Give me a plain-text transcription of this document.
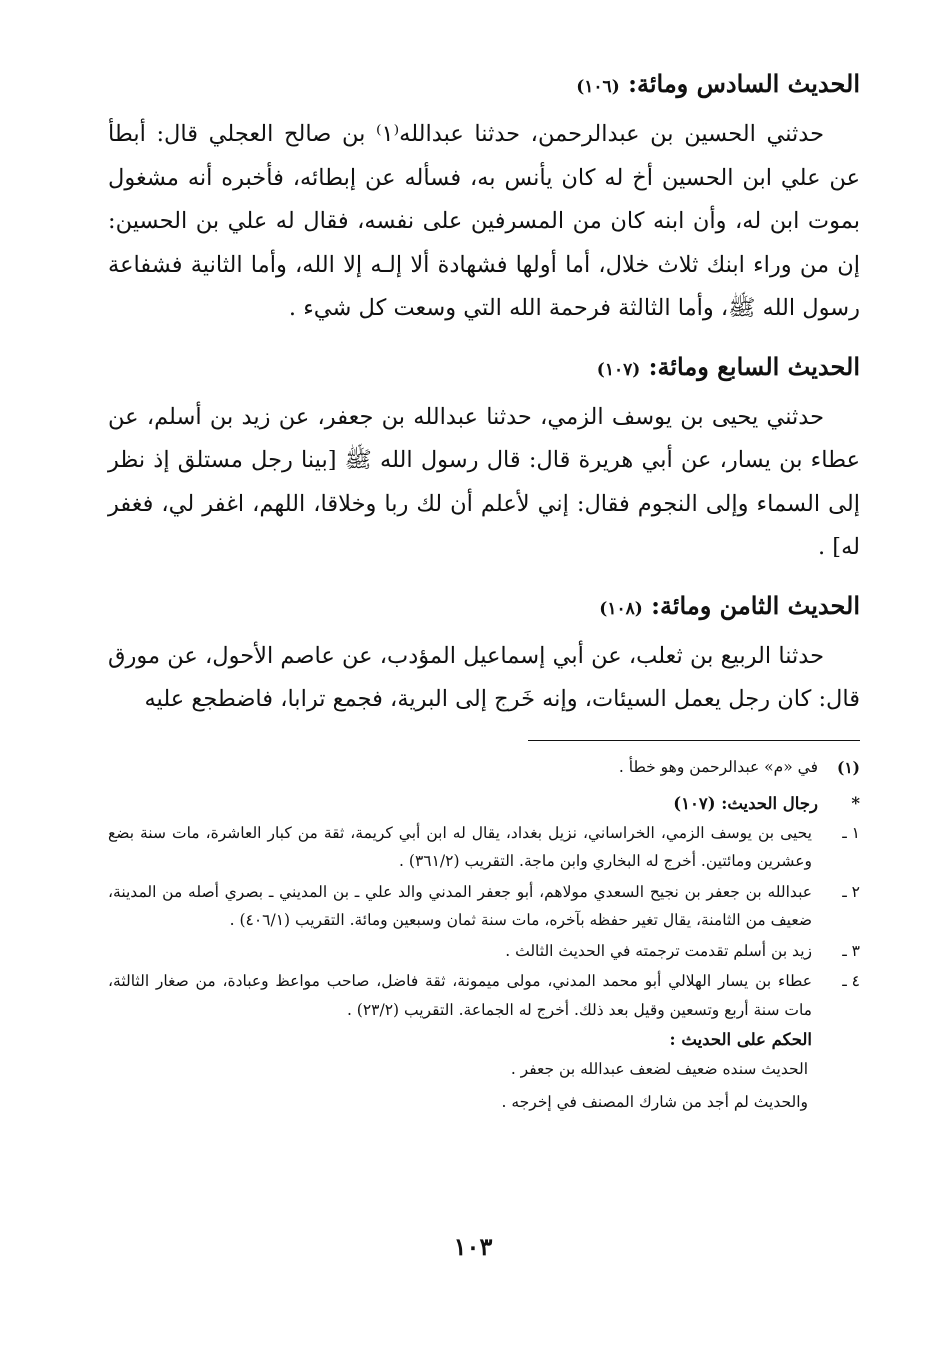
الحديث السادس ومائة: (١٠٦)

حدثني الحسين بن عبدالرحمن، حدثنا عبدالله⁽١⁾ بن صالح العجلي قال: أبطأ عن علي ابن الحسين أخ له كان يأنس به، فسأله عن إبطائه، فأخبره أنه مشغول بموت ابن له، وأن ابنه كان من المسرفين على نفسه، فقال له علي بن الحسين: إن من وراء ابنك ثلاث خلال، أما أولها فشهادة ألا إلـه إلا الله، وأما الثانية فشفاعة رسول الله ﷺ، وأما الثالثة فرحمة الله التي وسعت كل شيء .

الحديث السابع ومائة: (١٠٧)

حدثني يحيى بن يوسف الزمي، حدثنا عبدالله بن جعفر، عن زيد بن أسلم، عن عطاء بن يسار، عن أبي هريرة قال: قال رسول الله ﷺ [بينا رجل مستلق إذ نظر إلى السماء وإلى النجوم فقال: إني لأعلم أن لك ربا وخلاقا، اللهم، اغفر لي، فغفر له] .

الحديث الثامن ومائة: (١٠٨)

حدثنا الربيع بن ثعلب، عن أبي إسماعيل المؤدب، عن عاصم الأحول، عن مورق قال: كان رجل يعمل السيئات، وإنه خَرج إلى البرية، فجمع ترابا، فاضطجع عليه

(١)
في «م» عبدالرحمن وهو خطأ .
*
رجال الحديث: (١٠٧)
١ ـ
يحيى بن يوسف الزمي، الخراساني، نزيل بغداد، يقال له ابن أبي كريمة، ثقة من كبار العاشرة، مات سنة بضع وعشرين ومائتين. أخرج له البخاري وابن ماجة. التقريب (٣٦١/٢) .
٢ ـ
عبدالله بن جعفر بن نجيح السعدي مولاهم، أبو جعفر المدني والد علي ـ بن المديني ـ بصري أصله من المدينة، ضعيف من الثامنة، يقال تغير حفظه بآخره، مات سنة ثمان وسبعين ومائة. التقريب (٤٠٦/١) .
٣ ـ
زيد بن أسلم تقدمت ترجمته في الحديث الثالث .
٤ ـ
عطاء بن يسار الهلالي أبو محمد المدني، مولى ميمونة، ثقة فاضل، صاحب مواعظ وعبادة، من صغار الثالثة، مات سنة أربع وتسعين وقيل بعد ذلك. أخرج له الجماعة. التقريب (٢٣/٢) .
الحكم على الحديث :
الحديث سنده ضعيف لضعف عبدالله بن جعفر .
والحديث لم أجد من شارك المصنف في إخرجه .
١٠٣
